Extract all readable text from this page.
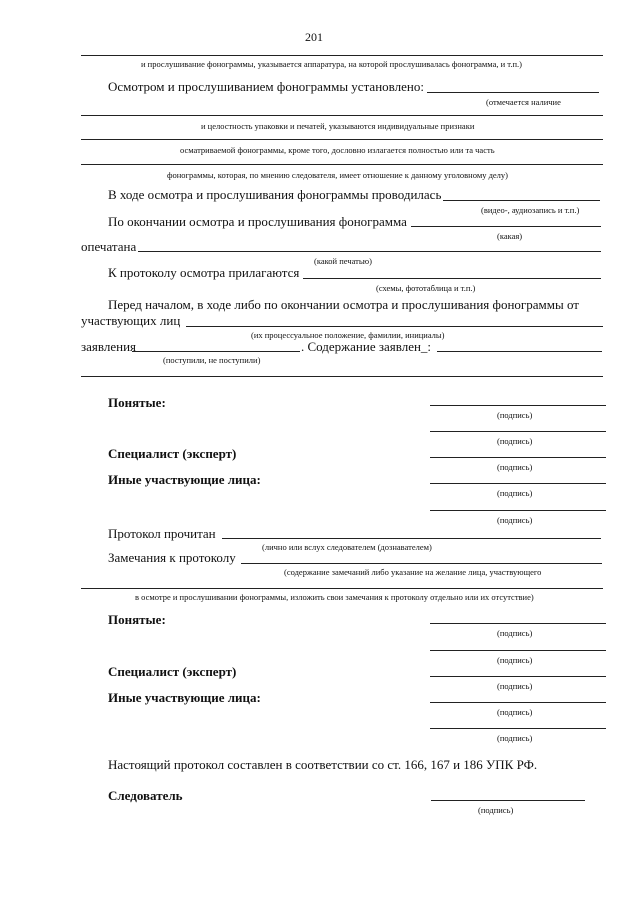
201
и прослушивание фонограммы, указывается аппаратура, на которой прослушивалась фонограмма, и т.п.)
Осмотром и прослушиванием фонограммы установлено:
(отмечается наличие
и целостность упаковки и печатей, указываются индивидуальные признаки
осматриваемой фонограммы, кроме того, дословно излагается полностью или та часть
фонограммы, которая, по мнению следователя, имеет отношение к данному уголовному делу)
В ходе осмотра и прослушивания фонограммы проводилась
(видео-, аудиозапись и т.п.)
По окончании осмотра и прослушивания фонограмма
(какая)
опечатана
(какой печатью)
К протоколу осмотра прилагаются
(схемы, фототаблица и т.п.)
Перед началом, в ходе либо по окончании осмотра и прослушивания фонограммы от
участвующих лиц
(их процессуальное положение, фамилии, инициалы)
заявления	. Содержание заявлен_:
(поступили, не поступили)
Понятые:
(подпись)
(подпись)
Специалист (эксперт)
(подпись)
Иные участвующие лица:
(подпись)
(подпись)
Протокол прочитан
(лично или вслух следователем (дознавателем)
Замечания к протоколу
(содержание замечаний либо указание на желание лица, участвующего
в осмотре и прослушивании фонограммы, изложить свои замечания к протоколу отдельно или их отсутствие)
Понятые:
(подпись)
(подпись)
Специалист (эксперт)
(подпись)
Иные участвующие лица:
(подпись)
(подпись)
Настоящий протокол составлен в соответствии со ст. 166, 167 и 186 УПК РФ.
Следователь
(подпись)
